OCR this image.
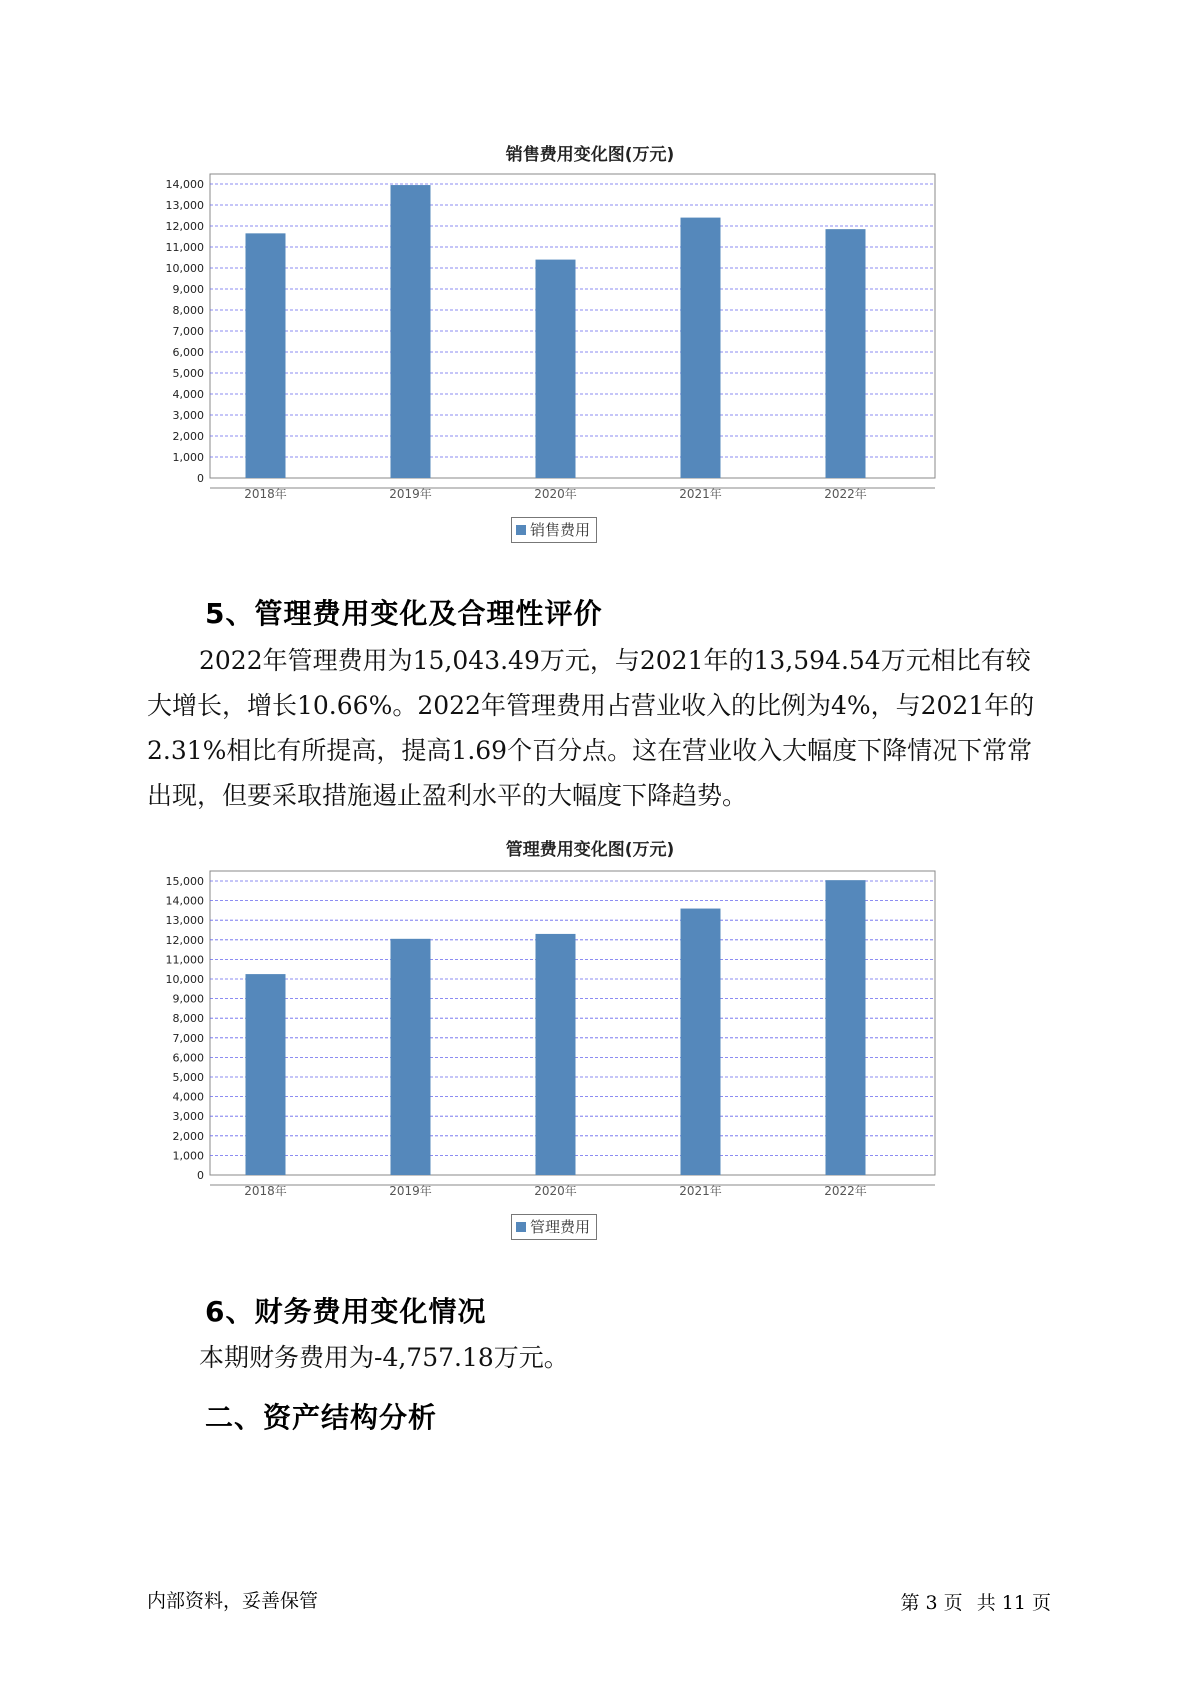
销售费用变化图(万元)
0
1,000
2,000
3,000
4,000
5,000
6,000
7,000
8,000
9,000
10,000
11,000
12,000
13,000
14,000
2018年	2019年	2020年	2021年	2022年
销售费用
5、管理费用变化及合理性评价

2022年管理费用为15,043.49万元，与2021年的13,594.54万元相比有较大增长，增长10.66%。2022年管理费用占营业收入的比例为4%，与2021年的2.31%相比有所提高，提高1.69个百分点。这在营业收入大幅度下降情况下常常出现，但要采取措施遏止盈利水平的大幅度下降趋势。

管理费用变化图(万元)
0
1,000
2,000
3,000
4,000
5,000
6,000
7,000
8,000
9,000
10,000
11,000
12,000
13,000
14,000
15,000
2018年	2019年	2020年	2021年	2022年
管理费用
6、财务费用变化情况

本期财务费用为-4,757.18万元。

二、资产结构分析
内部资料，妥善保管	第 3 页 共 11 页
